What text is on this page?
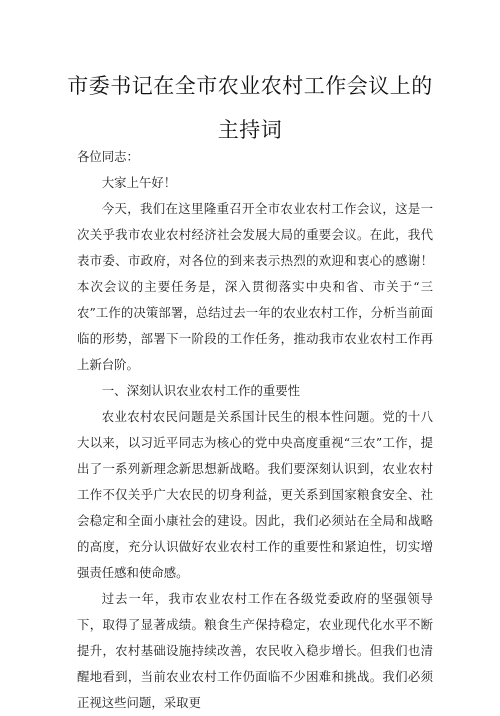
市委书记在全市农业农村工作会议上的
主持词

各位同志：

大家上午好！

今天，我们在这里隆重召开全市农业农村工作会议，这是一次关乎我市农业农村经济社会发展大局的重要会议。在此，我代表市委、市政府，对各位的到来表示热烈的欢迎和衷心的感谢！本次会议的主要任务是，深入贯彻落实中央和省、市关于“三农”工作的决策部署，总结过去一年的农业农村工作，分析当前面临的形势，部署下一阶段的工作任务，推动我市农业农村工作再上新台阶。

一、深刻认识农业农村工作的重要性

农业农村农民问题是关系国计民生的根本性问题。党的十八大以来，以习近平同志为核心的党中央高度重视“三农”工作，提出了一系列新理念新思想新战略。我们要深刻认识到，农业农村工作不仅关乎广大农民的切身利益，更关系到国家粮食安全、社会稳定和全面小康社会的建设。因此，我们必须站在全局和战略的高度，充分认识做好农业农村工作的重要性和紧迫性，切实增强责任感和使命感。

过去一年，我市农业农村工作在各级党委政府的坚强领导下，取得了显著成绩。粮食生产保持稳定，农业现代化水平不断提升，农村基础设施持续改善，农民收入稳步增长。但我们也清醒地看到，当前农业农村工作仍面临不少困难和挑战。我们必须正视这些问题，采取更
